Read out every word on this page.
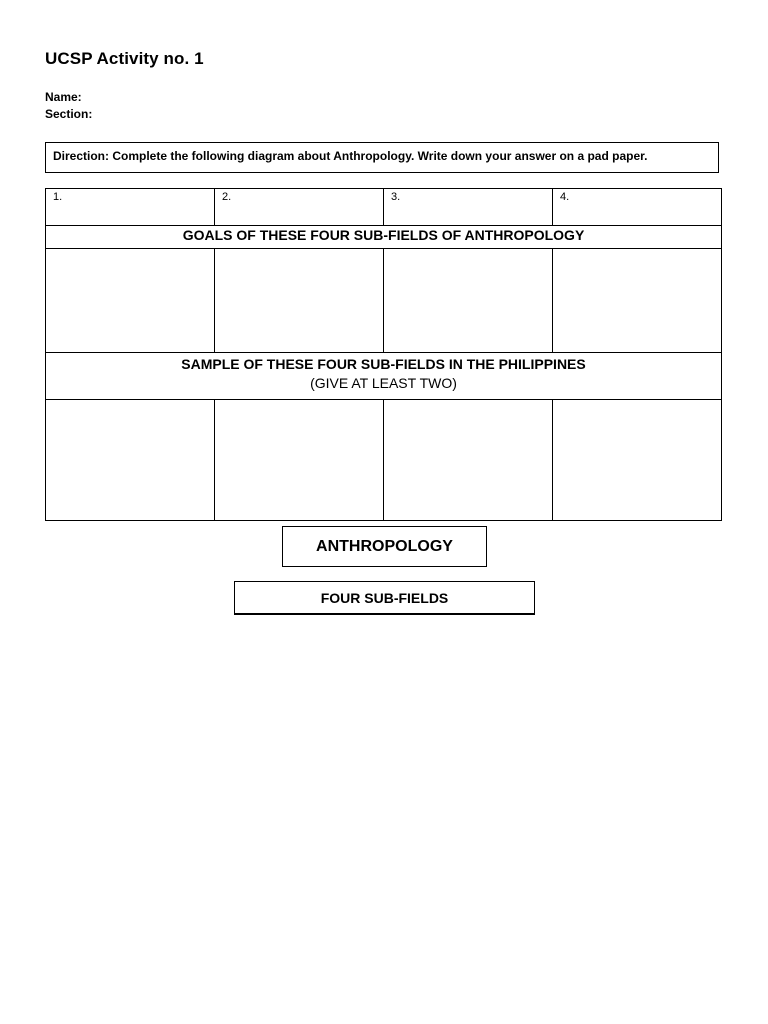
UCSP Activity no. 1
Name:
Section:
Direction: Complete the following diagram about Anthropology. Write down your answer on a pad paper.
1.	2.	3.	4.
GOALS OF THESE FOUR SUB-FIELDS OF ANTHROPOLOGY			

SAMPLE OF THESE FOUR SUB-FIELDS IN THE PHILIPPINES
(GIVE AT LEAST TWO)			

ANTHROPOLOGY
FOUR SUB-FIELDS
